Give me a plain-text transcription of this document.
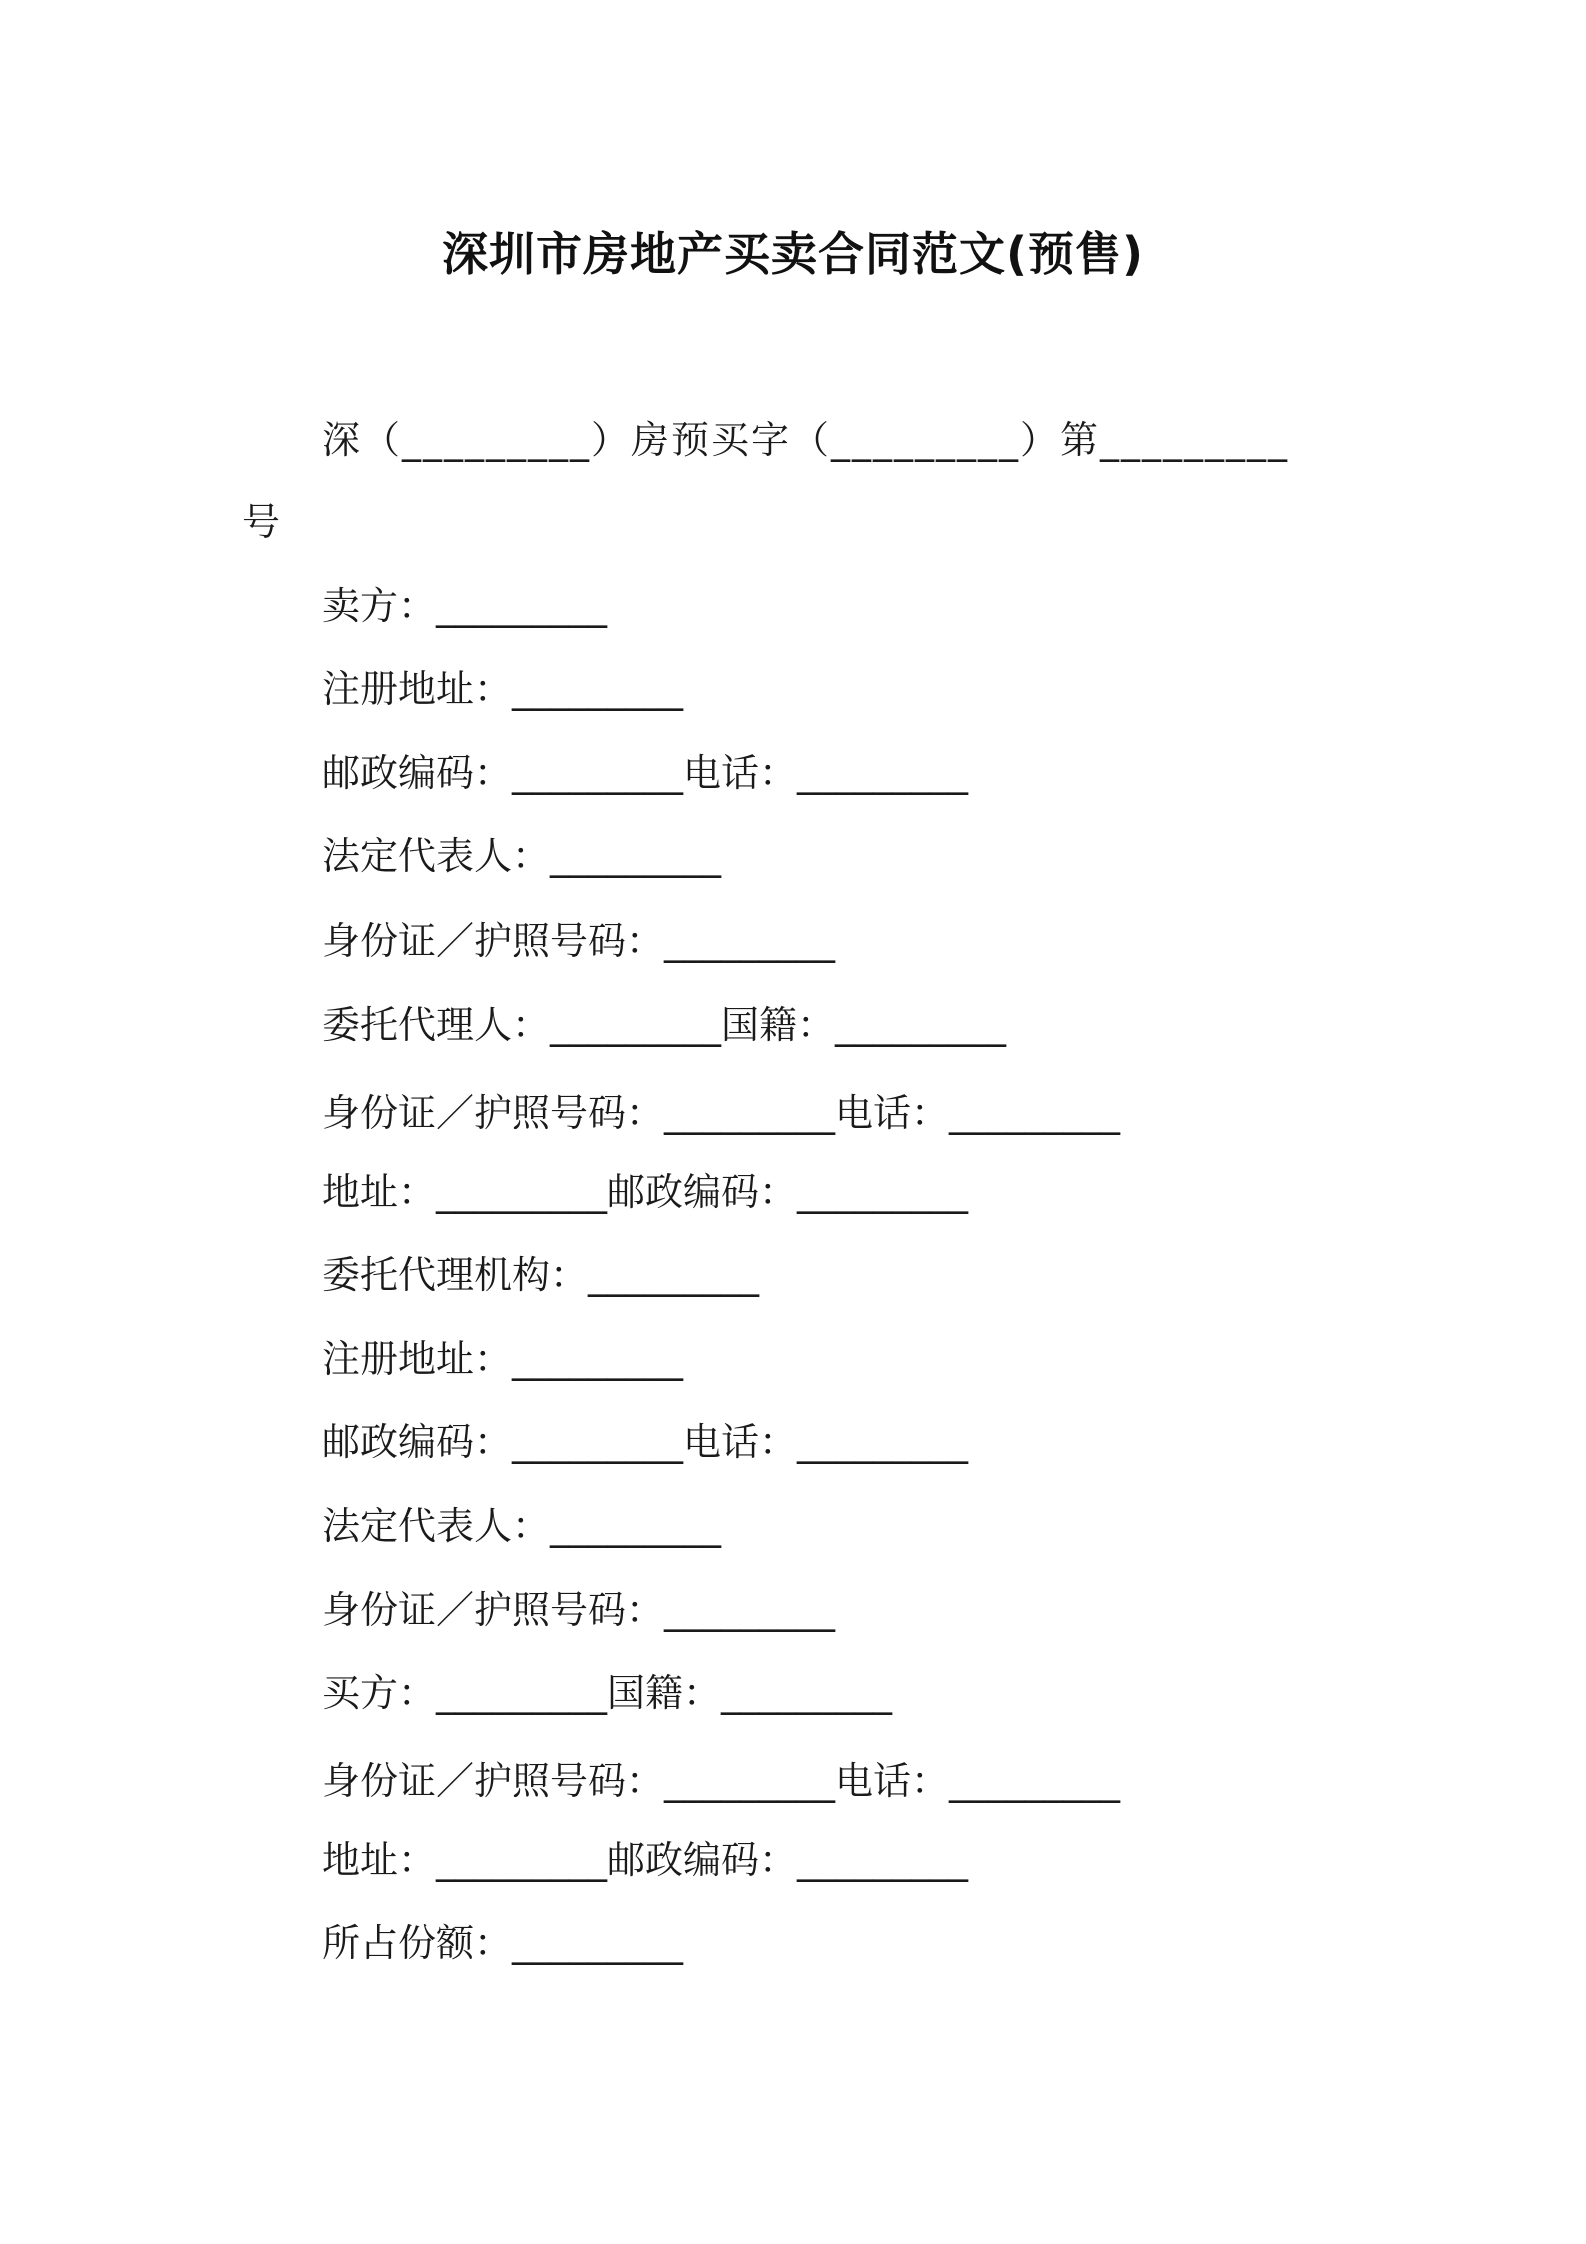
深圳市房地产买卖合同范文(预售)
深（_________）房预买字（_________）第_________
号
卖方：_________
注册地址：_________
邮政编码：_________电话：_________
法定代表人：_________
身份证／护照号码：_________
委托代理人：_________国籍：_________
身份证／护照号码：_________电话：_________
地址：_________邮政编码：_________
委托代理机构：_________
注册地址：_________
邮政编码：_________电话：_________
法定代表人：_________
身份证／护照号码：_________
买方：_________国籍：_________
身份证／护照号码：_________电话：_________
地址：_________邮政编码：_________
所占份额：_________
